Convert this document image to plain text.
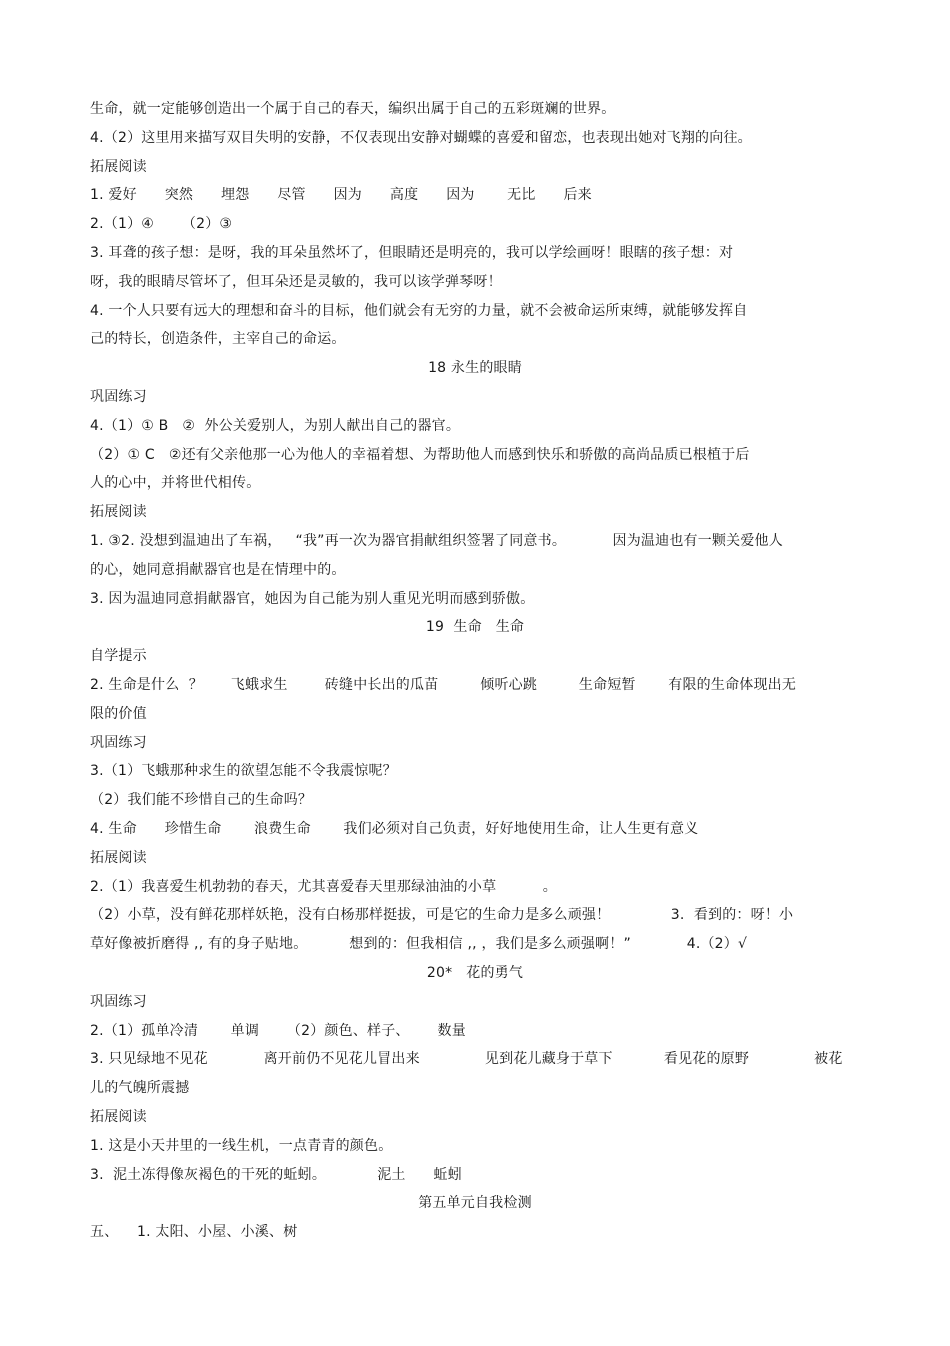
生命，就一定能够创造出一个属于自己的春天，编织出属于自己的五彩斑斓的世界。
4.（2）这里用来描写双目失明的安静，不仅表现出安静对蝴蝶的喜爱和留恋，也表现出她对飞翔的向往。
拓展阅读
1. 爱好      突然      埋怨      尽管      因为      高度      因为       无比      后来
2.（1）④      （2）③
3. 耳聋的孩子想：是呀，我的耳朵虽然坏了，但眼睛还是明亮的，我可以学绘画呀！眼瞎的孩子想：对
呀，我的眼睛尽管坏了，但耳朵还是灵敏的，我可以该学弹琴呀！
4. 一个人只要有远大的理想和奋斗的目标，他们就会有无穷的力量，就不会被命运所束缚，就能够发挥自
己的特长，创造条件，主宰自己的命运。
18 永生的眼睛
巩固练习
4.（1）① B   ②  外公关爱别人，为别人献出自己的器官。
（2）① C   ②还有父亲他那一心为他人的幸福着想、为帮助他人而感到快乐和骄傲的高尚品质已根植于后
人的心中，并将世代相传。
拓展阅读
1. ③2. 没想到温迪出了车祸，   “我”再一次为器官捐献组织签署了同意书。          因为温迪也有一颗关爱他人
的心，她同意捐献器官也是在情理中的。
3. 因为温迪同意捐献器官，她因为自己能为别人重见光明而感到骄傲。
19  生命   生命
自学提示
2. 生命是什么  ？      飞蛾求生        砖缝中长出的瓜苗         倾听心跳         生命短暂       有限的生命体现出无
限的价值
巩固练习
3.（1）飞蛾那种求生的欲望怎能不令我震惊呢？
（2）我们能不珍惜自己的生命吗？
4. 生命      珍惜生命       浪费生命       我们必须对自己负责，好好地使用生命，让人生更有意义
拓展阅读
2.（1）我喜爱生机勃勃的春天，尤其喜爱春天里那绿油油的小草          。
（2）小草，没有鲜花那样妖艳，没有白杨那样挺拔，可是它的生命力是多么顽强！             3.  看到的：呀！小
草好像被折磨得 ,, 有的身子贴地。         想到的：但我相信 ,, ，我们是多么顽强啊！”            4.（2）√
20*   花的勇气
巩固练习
2.（1）孤单冷清       单调      （2）颜色、样子、      数量
3. 只见绿地不见花            离开前仍不见花儿冒出来              见到花儿藏身于草下           看见花的原野              被花
儿的气魄所震撼
拓展阅读
1. 这是小天井里的一线生机，一点青青的颜色。
3.  泥土冻得像灰褐色的干死的蚯蚓。           泥土      蚯蚓
第五单元自我检测
五、    1. 太阳、小屋、小溪、树
